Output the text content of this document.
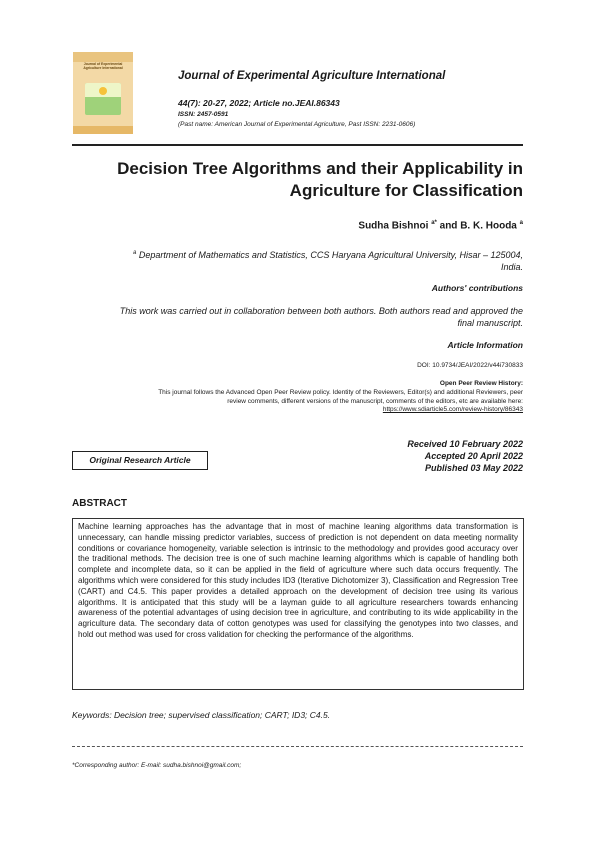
Journal of Experimental Agriculture International
Journal of Experimental Agriculture International
44(7): 20-27, 2022; Article no.JEAI.86343
ISSN: 2457-0591
(Past name: American Journal of Experimental Agriculture, Past ISSN: 2231-0606)
Decision Tree Algorithms and their Applicability in
Agriculture for Classification
Sudha Bishnoi $^{a*}$ and B. K. Hooda $^a$
$^a$ Department of Mathematics and Statistics, CCS Haryana Agricultural University, Hisar – 125004,
India.
Authors' contributions
This work was carried out in collaboration between both authors. Both authors read and approved the
final manuscript.
Article Information
DOI: 10.9734/JEAI/2022/v44i730833
Open Peer Review History:
This journal follows the Advanced Open Peer Review policy. Identity of the Reviewers, Editor(s) and additional Reviewers, peer
review comments, different versions of the manuscript, comments of the editors, etc are available here:
https://www.sdiarticle5.com/review-history/86343
Received 10 February 2022
Accepted 20 April 2022
Published 03 May 2022
Original Research Article
ABSTRACT
Machine learning approaches has the advantage that in most of machine leaning algorithms data transformation is unnecessary, can handle missing predictor variables, success of prediction is not dependent on data meeting normality conditions or covariance homogeneity, variable selection is intrinsic to the methodology and provides good accuracy over the traditional methods. The decision tree is one of such machine learning algorithms which is capable of handling both complete and incomplete data, so it can be applied in the field of agriculture where such data occurs frequently. The algorithms which were considered for this study includes ID3 (Iterative Dichotomizer 3), Classification and Regression Tree (CART) and C4.5. This paper provides a detailed approach on the development of decision tree using its various algorithms. It is anticipated that this study will be a layman guide to all agriculture researchers towards enhancing awareness of the potential advantages of using decision tree in agriculture, and contributing to its wide applicability in the agriculture data. The secondary data of cotton genotypes was used for classifying the genotypes into two classes, and hold out method was used for cross validation for checking the performance of the algorithms.
Keywords: Decision tree; supervised classification; CART; ID3; C4.5.
*Corresponding author: E-mail: sudha.bishnoi@gmail.com;
